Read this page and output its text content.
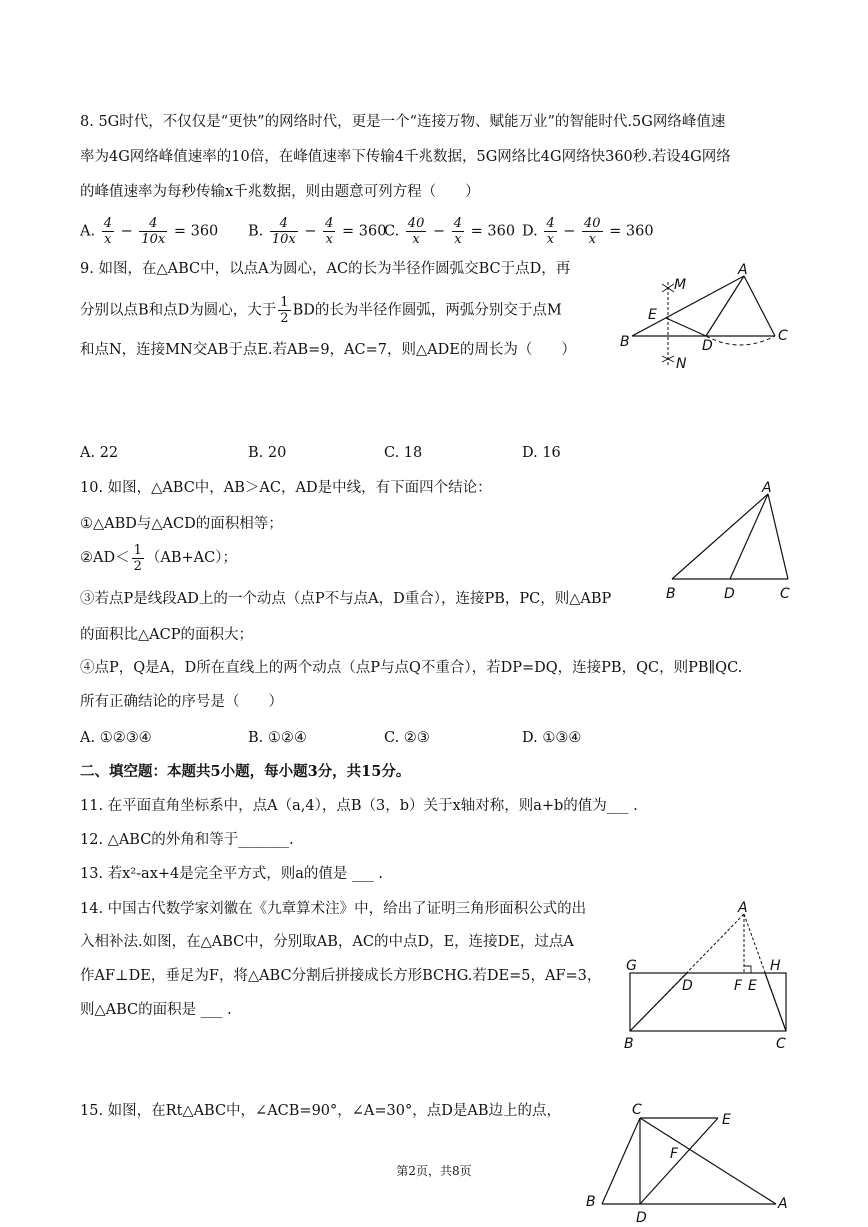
8. 5G时代，不仅仅是“更快”的网络时代，更是一个“连接万物、赋能万业”的智能时代.5G网络峰值速
率为4G网络峰值速率的10倍，在峰值速率下传输4千兆数据，5G网络比4G网络快360秒.若设4G网络
的峰值速率为每秒传输x千兆数据，则由题意可列方程（　　）
A. $\frac{4}{x} - \frac{4}{10x} = 360$ B. $\frac{4}{10x} - \frac{4}{x} = 360$
C. $\frac{40}{x} - \frac{4}{x} = 360$ D. $\frac{4}{x} - \frac{40}{x} = 360$
9. 如图，在△ABC中，以点A为圆心，AC的长为半径作圆弧交BC于点D，再
分别以点B和点D为圆心，大于 $\frac{1}{2}$ BD的长为半径作圆弧，两弧分别交于点M
和点N，连接MN交AB于点E.若AB=9，AC=7，则△ADE的周长为（　　）
A
B	C
D
E
M
N
A. 22	B. 20	C. 18	D. 16
10. 如图，△ABC中，AB＞AC，AD是中线，有下面四个结论：
①△ABD与△ACD的面积相等；
②AD＜ $\frac{1}{2} (AB+AC)$；
③若点P是线段AD上的一个动点（点P不与点A，D重合），连接PB，PC，则△ABP
的面积比△ACP的面积大；
④点P，Q是A，D所在直线上的两个动点（点P与点Q不重合），若DP=DQ，连接PB，QC，则PB∥QC.
所有正确结论的序号是（　　）
A
B	D	C
A. ①②③④	B. ①②④	C. ②③	D. ①③④
二、填空题：本题共5小题，每小题3分，共15分。
11. 在平面直角坐标系中，点A（a,4），点B（3，b）关于x轴对称，则a+b的值为___ .
12. △ABC的外角和等于_______.
13. 若x²-ax+4是完全平方式，则a的值是 ___ .
14. 中国古代数学家刘徽在《九章算术注》中，给出了证明三角形面积公式的出
入相补法.如图，在△ABC中，分别取AB，AC的中点D，E，连接DE，过点A
作AF⊥DE，垂足为F，将△ABC分割后拼接成长方形BCHG.若DE=5，AF=3，
则△ABC的面积是 ___ .
A
G	H
D	F E
B	C
15. 如图，在Rt△ABC中，∠ACB=90°，∠A=30°，点D是AB边上的点，	C
E
F
B
D
A
第2页，共8页
